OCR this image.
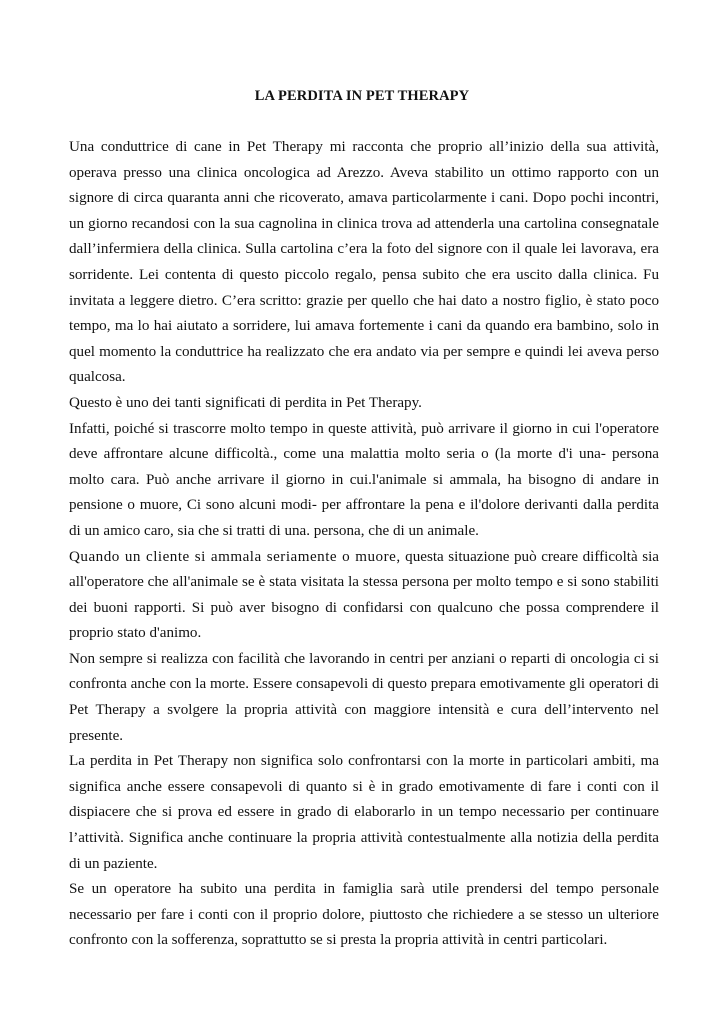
LA PERDITA IN PET THERAPY

Una conduttrice di cane in Pet Therapy mi racconta che proprio all’inizio della sua attività, operava presso una clinica oncologica ad Arezzo. Aveva stabilito un ottimo rapporto con un signore di circa quaranta anni che ricoverato, amava particolarmente i cani. Dopo pochi incontri, un giorno recandosi con la sua cagnolina in clinica trova ad attenderla una cartolina consegnatale dall’infermiera della clinica. Sulla cartolina c’era la foto del signore con il quale lei lavorava, era sorridente. Lei contenta di questo piccolo regalo, pensa subito che era uscito dalla clinica. Fu invitata a leggere dietro. C’era scritto: grazie per quello che hai dato a nostro figlio, è stato poco tempo, ma lo hai aiutato a sorridere, lui amava fortemente i cani da quando era bambino, solo in quel momento la conduttrice ha realizzato che era andato via per sempre e quindi lei aveva perso qualcosa.

Questo è uno dei tanti significati di perdita in Pet Therapy.

Infatti, poiché si trascorre molto tempo in queste attività, può arrivare il giorno in cui l'operatore deve affrontare alcune difficoltà., come una malattia molto seria o (la morte d'i una- persona molto cara. Può anche arrivare il giorno in cui.l'animale si ammala, ha bisogno di andare in pensione o muore, Ci sono alcuni modi- per affrontare la pena e il'dolore derivanti dalla perdita di un amico caro, sia che si tratti di una. persona, che di un animale.

Quando un cliente si ammala seriamente o muore, questa situazione può creare difficoltà sia all'operatore che all'animale se è stata visitata la stessa persona per molto tempo e si sono stabiliti dei buoni rapporti. Si può aver bisogno di confidarsi con qualcuno che possa comprendere il proprio stato d'animo.

Non sempre si realizza con facilità che lavorando in centri per anziani o reparti di oncologia ci si confronta anche con la morte. Essere consapevoli di questo prepara emotivamente gli operatori di Pet Therapy a svolgere la propria attività con maggiore intensità e cura dell’intervento nel presente.

La perdita in Pet Therapy non significa solo confrontarsi con la morte in particolari ambiti, ma significa anche essere consapevoli di quanto si è in grado emotivamente di fare i conti con il dispiacere che si prova ed essere in grado di elaborarlo in un tempo necessario per continuare l’attività. Significa anche continuare la propria attività contestualmente alla notizia della perdita di un paziente.

Se un operatore ha subito una perdita in famiglia sarà utile prendersi del tempo personale necessario per fare i conti con il proprio dolore, piuttosto che richiedere a se stesso un ulteriore confronto con la sofferenza, soprattutto se si presta la propria attività in centri particolari.
